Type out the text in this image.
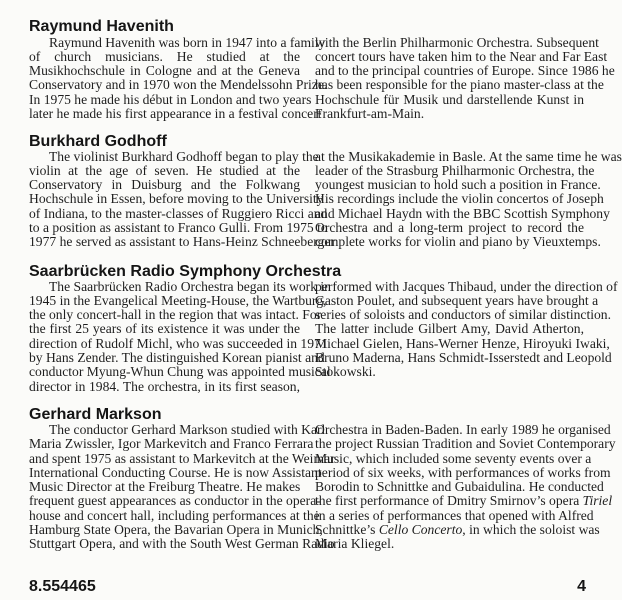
Raymund Havenith
Raymund Havenith was born in 1947 into a family
of church musicians. He studied at the
Musikhochschule in Cologne and at the Geneva
Conservatory and in 1970 won the Mendelssohn Prize.
In 1975 he made his début in London and two years
later he made his first appearance in a festival concert
with the Berlin Philharmonic Orchestra. Subsequent
concert tours have taken him to the Near and Far East
and to the principal countries of Europe. Since 1986 he
has been responsible for the piano master-class at the
Hochschule für Musik und darstellende Kunst in
Frankfurt-am-Main.
Burkhard Godhoff
The violinist Burkhard Godhoff began to play the
violin at the age of seven. He studied at the
Conservatory in Duisburg and the Folkwang
Hochschule in Essen, before moving to the University
of Indiana, to the master-classes of Ruggiero Ricci and
to a position as assistant to Franco Gulli. From 1975 to
1977 he served as assistant to Hans-Heinz Schneeberger
at the Musikakademie in Basle. At the same time he was
leader of the Strasburg Philharmonic Orchestra, the
youngest musician to hold such a position in France.
His recordings include the violin concertos of Joseph
and Michael Haydn with the BBC Scottish Symphony
Orchestra and a long-term project to record the
complete works for violin and piano by Vieuxtemps.
Saarbrücken Radio Symphony Orchestra
The Saarbrücken Radio Orchestra began its work in
1945 in the Evangelical Meeting-House, the Wartburg,
the only concert-hall in the region that was intact. For
the first 25 years of its existence it was under the
direction of Rudolf Michl, who was succeeded in 1971
by Hans Zender. The distinguished Korean pianist and
conductor Myung-Whun Chung was appointed musical
director in 1984. The orchestra, in its first season,
performed with Jacques Thibaud, under the direction of
Gaston Poulet, and subsequent years have brought a
series of soloists and conductors of similar distinction.
The latter include Gilbert Amy, David Atherton,
Michael Gielen, Hans-Werner Henze, Hiroyuki Iwaki,
Bruno Maderna, Hans Schmidt-Isserstedt and Leopold
Stokowski.
Gerhard Markson
The conductor Gerhard Markson studied with Karl
Maria Zwissler, Igor Markevitch and Franco Ferrara
and spent 1975 as assistant to Markevitch at the Weimar
International Conducting Course. He is now Assistant
Music Director at the Freiburg Theatre. He makes
frequent guest appearances as conductor in the opera-
house and concert hall, including performances at the
Hamburg State Opera, the Bavarian Opera in Munich,
Stuttgart Opera, and with the South West German Radio
Orchestra in Baden-Baden. In early 1989 he organised
the project Russian Tradition and Soviet Contemporary
Music, which included some seventy events over a
period of six weeks, with performances of works from
Borodin to Schnittke and Gubaidulina. He conducted
the first performance of Dmitry Smirnov’s opera Tiriel
in a series of performances that opened with Alfred
Schnittke’s Cello Concerto, in which the soloist was
Maria Kliegel.
8.554465	4
